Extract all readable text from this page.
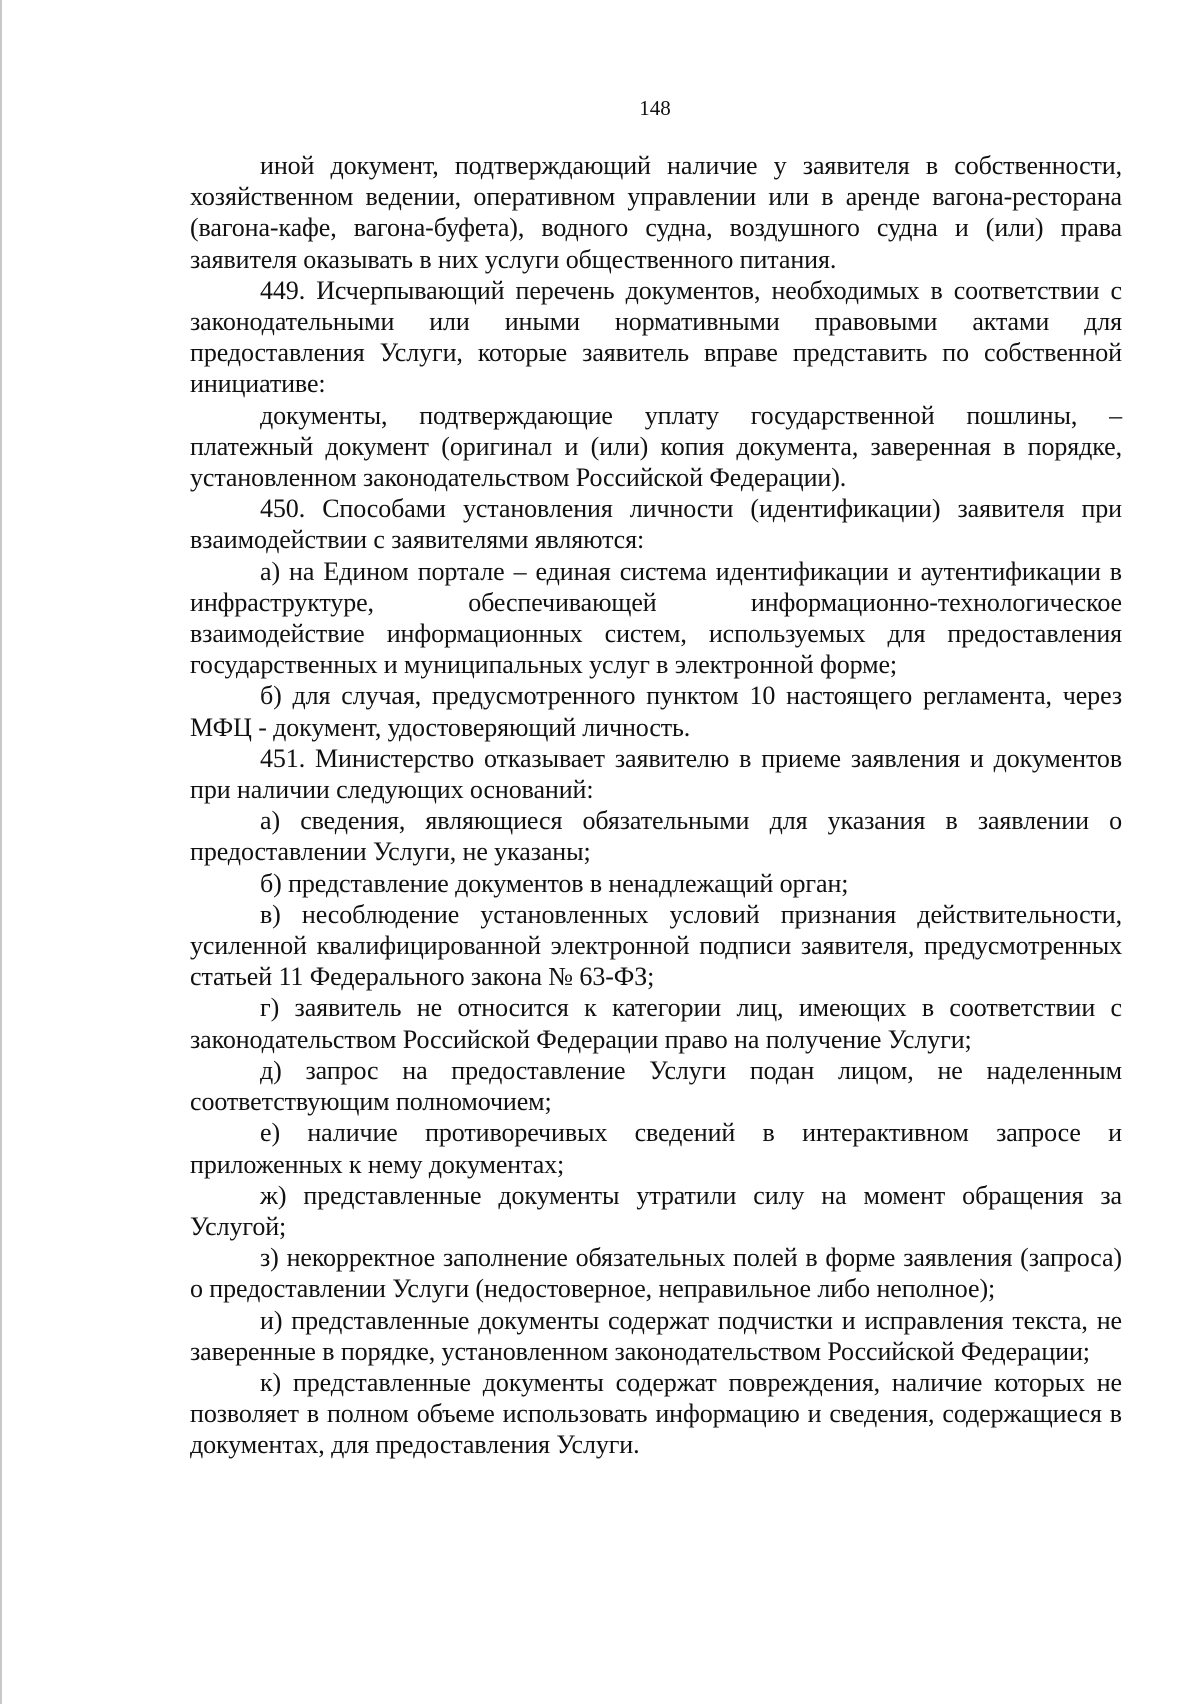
148

иной документ, подтверждающий наличие у заявителя в собственности, хозяйственном ведении, оперативном управлении или в аренде вагона-ресторана (вагона-кафе, вагона-буфета), водного судна, воздушного судна и (или) права заявителя оказывать в них услуги общественного питания.

449. Исчерпывающий перечень документов, необходимых в соответствии с законодательными или иными нормативными правовыми актами для предоставления Услуги, которые заявитель вправе представить по собственной инициативе:

документы, подтверждающие уплату государственной пошлины, – платежный документ (оригинал и (или) копия документа, заверенная в порядке, установленном законодательством Российской Федерации).

450. Способами установления личности (идентификации) заявителя при взаимодействии с заявителями являются:

а) на Едином портале – единая система идентификации и аутентификации в инфраструктуре, обеспечивающей информационно-технологическое взаимодействие информационных систем, используемых для предоставления государственных и муниципальных услуг в электронной форме;

б) для случая, предусмотренного пунктом 10 настоящего регламента, через МФЦ - документ, удостоверяющий личность.

451. Министерство отказывает заявителю в приеме заявления и документов при наличии следующих оснований:

а) сведения, являющиеся обязательными для указания в заявлении о предоставлении Услуги, не указаны;

б) представление документов в ненадлежащий орган;

в) несоблюдение установленных условий признания действительности, усиленной квалифицированной электронной подписи заявителя, предусмотренных статьей 11 Федерального закона № 63-ФЗ;

г) заявитель не относится к категории лиц, имеющих в соответствии с законодательством Российской Федерации право на получение Услуги;

д) запрос на предоставление Услуги подан лицом, не наделенным соответствующим полномочием;

е) наличие противоречивых сведений в интерактивном запросе и приложенных к нему документах;

ж) представленные документы утратили силу на момент обращения за Услугой;

з) некорректное заполнение обязательных полей в форме заявления (запроса) о предоставлении Услуги (недостоверное, неправильное либо неполное);

и) представленные документы содержат подчистки и исправления текста, не заверенные в порядке, установленном законодательством Российской Федерации;

к) представленные документы содержат повреждения, наличие которых не позволяет в полном объеме использовать информацию и сведения, содержащиеся в документах, для предоставления Услуги.
